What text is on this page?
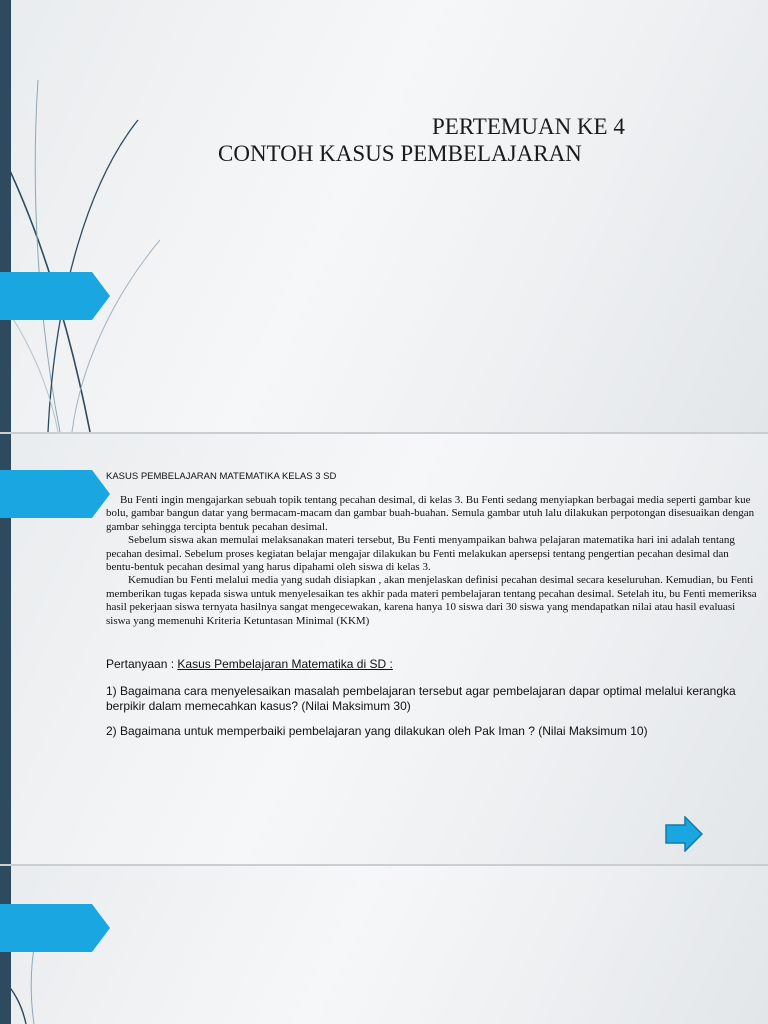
PERTEMUAN KE 4
CONTOH KASUS PEMBELAJARAN
KASUS PEMBELAJARAN MATEMATIKA KELAS 3 SD

Bu Fenti ingin mengajarkan sebuah topik tentang pecahan desimal, di kelas 3. Bu Fenti sedang menyiapkan berbagai media seperti gambar kue bolu, gambar bangun datar yang bermacam-macam dan gambar buah-buahan. Semula gambar utuh lalu dilakukan perpotongan disesuaikan dengan gambar sehingga tercipta bentuk pecahan desimal.

Sebelum siswa akan memulai melaksanakan materi tersebut, Bu Fenti menyampaikan bahwa pelajaran matematika hari ini adalah tentang pecahan desimal. Sebelum proses kegiatan belajar mengajar dilakukan bu Fenti melakukan apersepsi tentang pengertian pecahan desimal dan bentu-bentuk pecahan desimal yang harus dipahami oleh siswa di kelas 3.

Kemudian bu Fenti melalui media yang sudah disiapkan , akan menjelaskan definisi pecahan desimal secara keseluruhan. Kemudian, bu Fenti memberikan tugas kepada siswa untuk menyelesaikan tes akhir pada materi pembelajaran tentang pecahan desimal. Setelah itu, bu Fenti memeriksa hasil pekerjaan siswa ternyata hasilnya sangat mengecewakan, karena hanya 10 siswa dari 30 siswa yang mendapatkan nilai atau hasil evaluasi siswa yang memenuhi Kriteria Ketuntasan Minimal (KKM)

Pertanyaan : Kasus Pembelajaran Matematika di SD :

1) Bagaimana cara menyelesaikan masalah pembelajaran tersebut agar pembelajaran dapar optimal melalui kerangka berpikir dalam memecahkan kasus? (Nilai Maksimum 30)

2) Bagaimana untuk memperbaiki pembelajaran yang dilakukan oleh Pak Iman ? (Nilai Maksimum 10)
